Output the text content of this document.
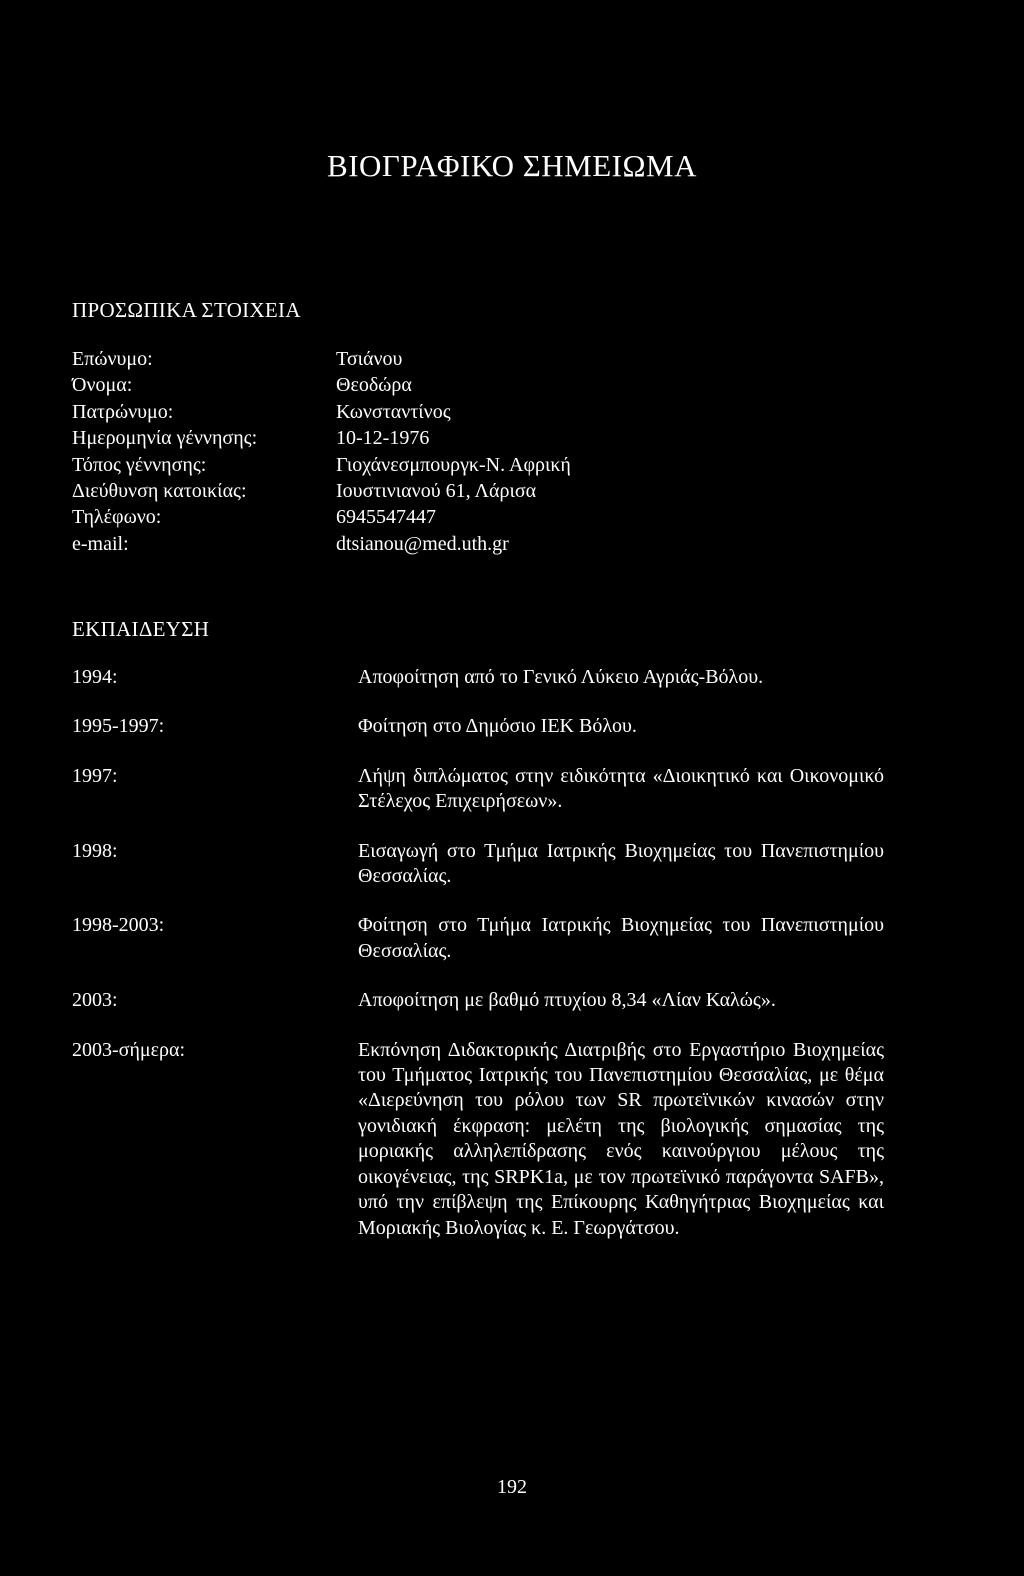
ΒΙΟΓΡΑΦΙΚΟ ΣΗΜΕΙΩΜΑ
ΠΡΟΣΩΠΙΚΑ ΣΤΟΙΧΕΙΑ
Επώνυμο:	Τσιάνου
Όνομα:	Θεοδώρα
Πατρώνυμο:	Κωνσταντίνος
Ημερομηνία γέννησης:	10-12-1976
Τόπος γέννησης:	Γιοχάνεσμπουργκ-Ν. Αφρική
Διεύθυνση κατοικίας:	Ιουστινιανού 61, Λάρισα
Τηλέφωνο:	6945547447
e-mail:	dtsianou@med.uth.gr
ΕΚΠΑΙΔΕΥΣΗ
1994:	Αποφοίτηση από το Γενικό Λύκειο Αγριάς-Βόλου.
1995-1997:	Φοίτηση στο Δημόσιο ΙΕΚ Βόλου.
1997:	Λήψη διπλώματος στην ειδικότητα «Διοικητικό και Οικονομικό Στέλεχος Επιχειρήσεων».
1998:	Εισαγωγή στο Τμήμα Ιατρικής Βιοχημείας του Πανεπιστημίου Θεσσαλίας.
1998-2003:	Φοίτηση στο Τμήμα Ιατρικής Βιοχημείας του Πανεπιστημίου Θεσσαλίας.
2003:	Αποφοίτηση με βαθμό πτυχίου 8,34 «Λίαν Καλώς».
2003-σήμερα:	Εκπόνηση Διδακτορικής Διατριβής στο Εργαστήριο Βιοχημείας του Τμήματος Ιατρικής του Πανεπιστημίου Θεσσαλίας, με θέμα «Διερεύνηση του ρόλου των SR πρωτεϊνικών κινασών στην γονιδιακή έκφραση: μελέτη της βιολογικής σημασίας της μοριακής αλληλεπίδρασης ενός καινούργιου μέλους της οικογένειας, της SRPK1a, με τον πρωτεϊνικό παράγοντα SAFB», υπό την επίβλεψη της Επίκουρης Καθηγήτριας Βιοχημείας και Μοριακής Βιολογίας κ. Ε. Γεωργάτσου.
192
